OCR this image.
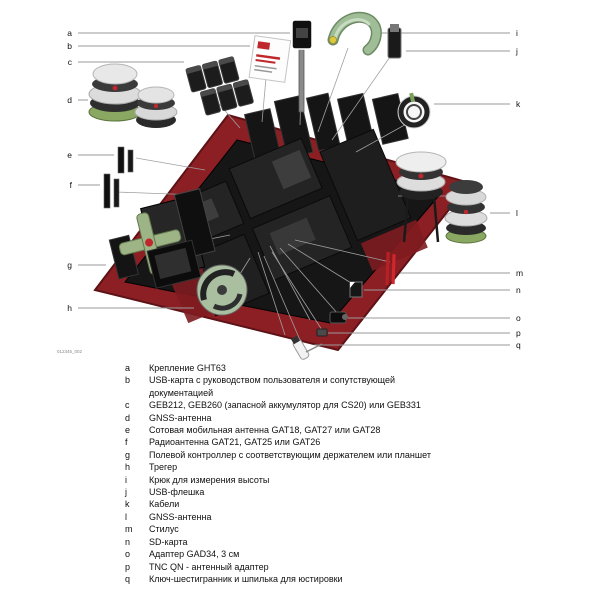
a
b
c
d
e
f
g
h
i
j
k
l
m
n
o
p
q
012345_002
a	Крепление GHT63
b	USB-карта с руководством пользователя и сопутствующей документацией
c	GEB212, GEB260 (запасной аккумулятор для CS20) или GEB331
d	GNSS-антенна
e	Сотовая мобильная антенна GAT18, GAT27 или GAT28
f	Радиоантенна GAT21, GAT25 или GAT26
g	Полевой контроллер с соответствующим держателем или планшет
h	Трегер
i	Крюк для измерения высоты
j	USB-флешка
k	Кабели
l	GNSS-антенна
m	Стилус
n	SD-карта
o	Адаптер GAD34, 3 см
p	TNC QN - антенный адаптер
q	Ключ-шестигранник и шпилька для юстировки
